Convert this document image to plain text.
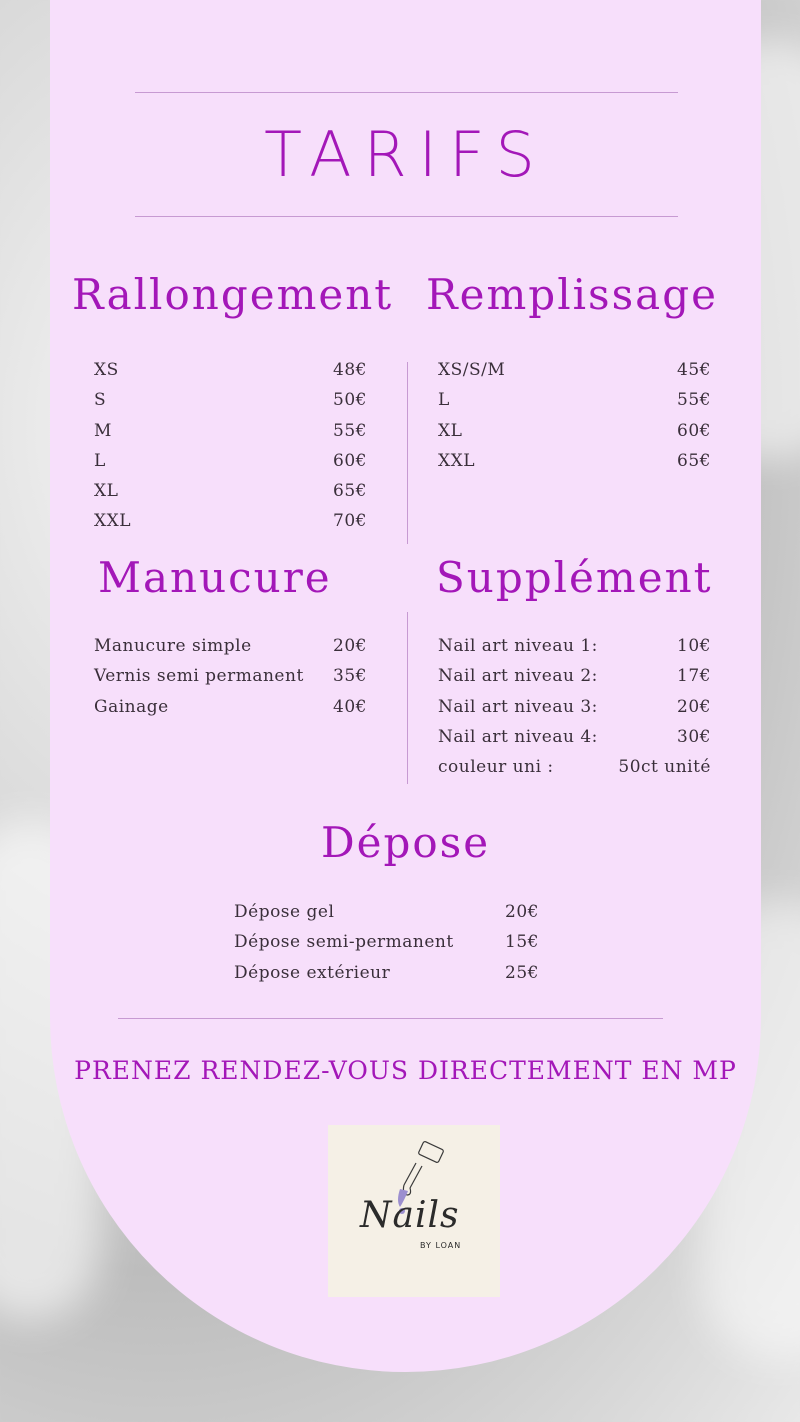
TARIFS
Rallongement
XS	48€
S	50€
M	55€
L	60€
XL	65€
XXL	70€
Remplissage
XS/S/M	45€
L	55€
XL	60€
XXL	65€
Manucure
Manucure simple	20€
Vernis semi permanent 35€
Gainage	40€
Supplément
Nail art niveau 1:	10€
Nail art niveau 2:	17€
Nail art niveau 3:	20€
Nail art niveau 4:	30€
couleur uni :	50ct unité
Dépose
Dépose gel	20€
Dépose semi-permanent	15€
Dépose extérieur	25€
PRENEZ RENDEZ-VOUS DIRECTEMENT EN MP
Nails
BY LOAN
